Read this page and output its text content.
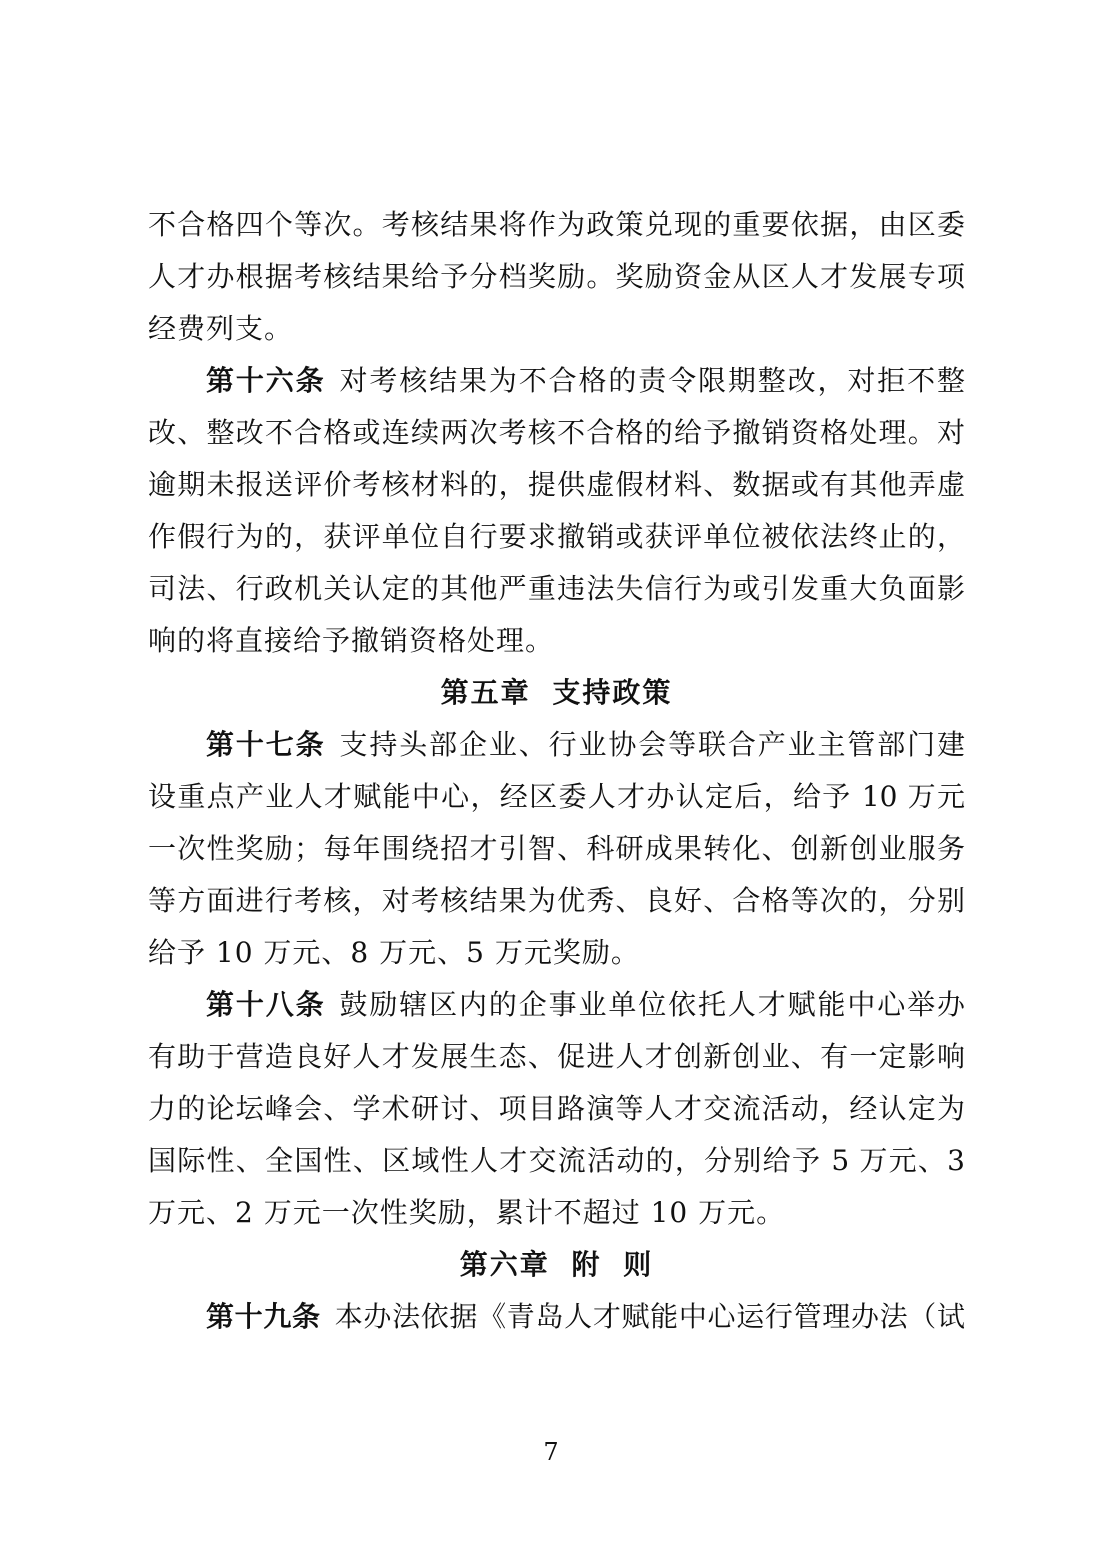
不合格四个等次。考核结果将作为政策兑现的重要依据，由区委
人才办根据考核结果给予分档奖励。奖励资金从区人才发展专项
经费列支。
第十六条 对考核结果为不合格的责令限期整改，对拒不整
改、整改不合格或连续两次考核不合格的给予撤销资格处理。对
逾期未报送评价考核材料的，提供虚假材料、数据或有其他弄虚
作假行为的，获评单位自行要求撤销或获评单位被依法终止的，
司法、行政机关认定的其他严重违法失信行为或引发重大负面影
响的将直接给予撤销资格处理。
第五章 支持政策
第十七条 支持头部企业、行业协会等联合产业主管部门建
设重点产业人才赋能中心，经区委人才办认定后，给予 10 万元
一次性奖励；每年围绕招才引智、科研成果转化、创新创业服务
等方面进行考核，对考核结果为优秀、良好、合格等次的，分别
给予 10 万元、8 万元、5 万元奖励。
第十八条 鼓励辖区内的企事业单位依托人才赋能中心举办
有助于营造良好人才发展生态、促进人才创新创业、有一定影响
力的论坛峰会、学术研讨、项目路演等人才交流活动，经认定为
国际性、全国性、区域性人才交流活动的，分别给予 5 万元、3
万元、2 万元一次性奖励，累计不超过 10 万元。
第六章 附 则
第十九条 本办法依据《青岛人才赋能中心运行管理办法（试
7
